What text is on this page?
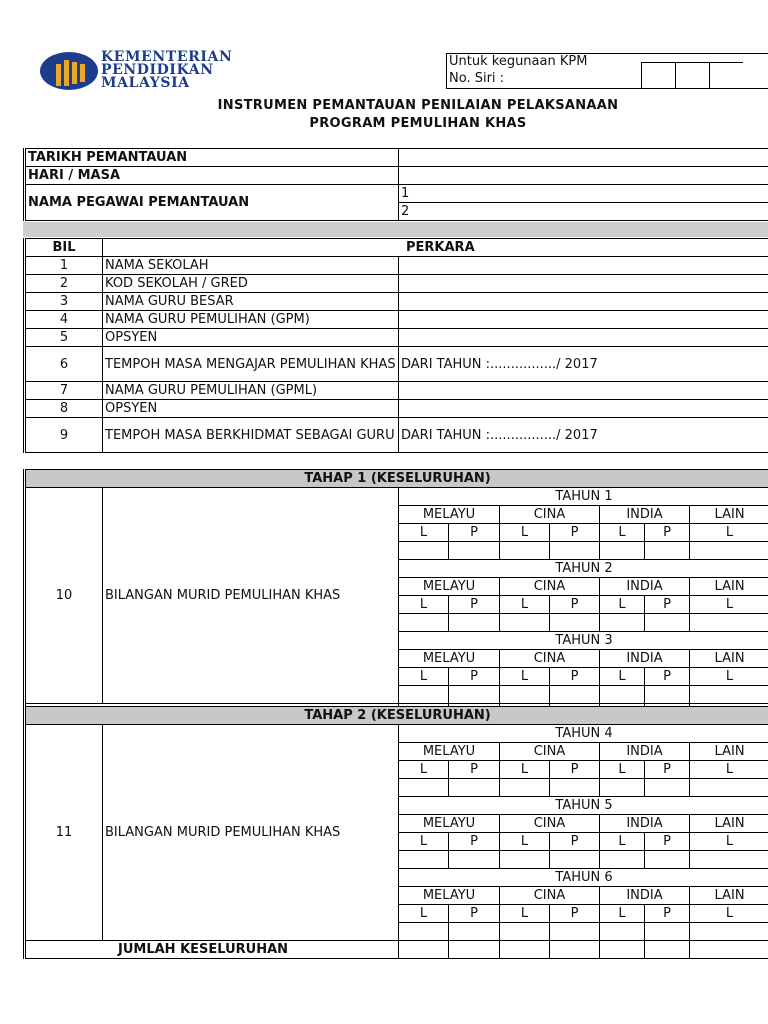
KEMENTERIAN
PENDIDIKAN
MALAYSIA
Untuk kegunaan KPM
No. Siri :
INSTRUMEN PEMANTAUAN PENILAIAN PELAKSANAAN
PROGRAM PEMULIHAN KHAS
TARIKH PEMANTAUAN	
HARI / MASA	
NAMA PEGAWAI PEMANTAUAN	1
	2
BIL	PERKARA	
1	NAMA SEKOLAH	
2	KOD SEKOLAH / GRED	
3	NAMA GURU BESAR	
4	NAMA GURU PEMULIHAN (GPM)	
5	OPSYEN	
6	TEMPOH MASA MENGAJAR PEMULIHAN KHAS	DARI TAHUN :................/ 2017
7	NAMA GURU PEMULIHAN (GPML)	
8	OPSYEN	
9	TEMPOH MASA BERKHIDMAT SEBAGAI GURU	DARI TAHUN :................/ 2017
TAHAP 1 (KESELURUHAN)								
10	BILANGAN MURID PEMULIHAN KHAS	TAHUN 1						
		MELAYU		CINA		INDIA		LAIN
		L	P	L	P	L	P	L

		TAHUN 2						
		MELAYU		CINA		INDIA		LAIN
		L	P	L	P	L	P	L

		TAHUN 3						
		MELAYU		CINA		INDIA		LAIN
		L	P	L	P	L	P	L

TAHAP 2 (KESELURUHAN)								
11	BILANGAN MURID PEMULIHAN KHAS	TAHUN 4						
		MELAYU		CINA		INDIA		LAIN
		L	P	L	P	L	P	L

		TAHUN 5						
		MELAYU		CINA		INDIA		LAIN
		L	P	L	P	L	P	L

		TAHUN 6						
		MELAYU		CINA		INDIA		LAIN
		L	P	L	P	L	P	L

JUMLAH KESELURUHAN								
